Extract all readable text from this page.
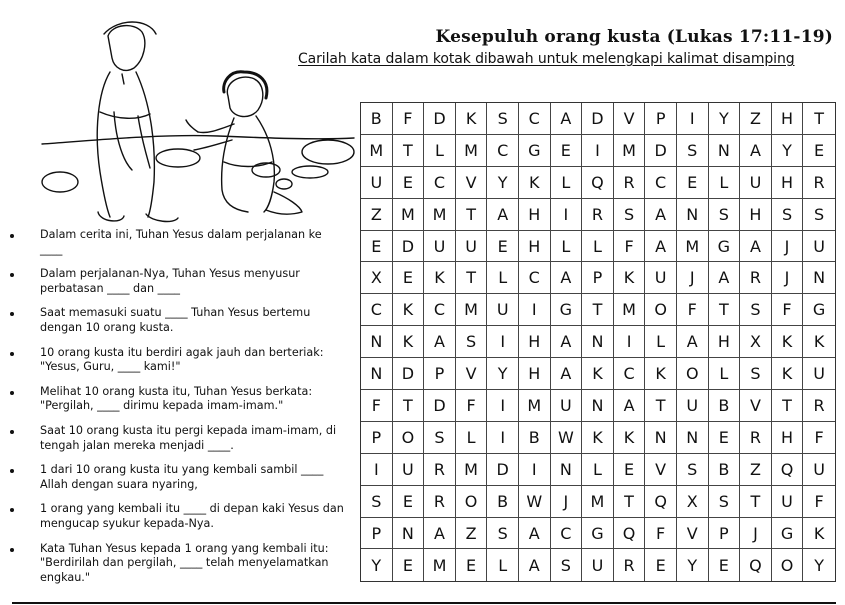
Kesepuluh orang kusta (Lukas 17:11-19)
Carilah kata dalam kotak dibawah untuk melengkapi kalimat disamping
Dalam cerita ini, Tuhan Yesus dalam perjalanan ke ____
Dalam perjalanan-Nya, Tuhan Yesus menyusur perbatasan ____ dan ____
Saat memasuki suatu ____ Tuhan Yesus bertemu dengan 10 orang kusta.
10 orang kusta itu berdiri agak jauh dan berteriak: "Yesus, Guru, ____ kami!"
Melihat 10 orang kusta itu, Tuhan Yesus berkata: "Pergilah, ____ dirimu kepada imam-imam."
Saat 10 orang kusta itu pergi kepada imam-imam, di tengah jalan mereka menjadi ____.
1 dari 10 orang kusta itu yang kembali sambil ____ Allah dengan suara nyaring,
1 orang yang kembali itu ____ di depan kaki Yesus dan mengucap syukur kepada-Nya.
Kata Tuhan Yesus kepada 1 orang yang kembali itu: "Berdirilah dan pergilah, ____ telah menyelamatkan engkau."
B	F	D	K	S	C	A	D	V	P	I	Y	Z	H	T
M	T	L	M	C	G	E	I	M	D	S	N	A	Y	E
U	E	C	V	Y	K	L	Q	R	C	E	L	U	H	R
Z	M	M	T	A	H	I	R	S	A	N	S	H	S	S
E	D	U	U	E	H	L	L	F	A	M	G	A	J	U
X	E	K	T	L	C	A	P	K	U	J	A	R	J	N
C	K	C	M	U	I	G	T	M	O	F	T	S	F	G
N	K	A	S	I	H	A	N	I	L	A	H	X	K	K
N	D	P	V	Y	H	A	K	C	K	O	L	S	K	U
F	T	D	F	I	M	U	N	A	T	U	B	V	T	R
P	O	S	L	I	B	W	K	K	N	N	E	R	H	F
I	U	R	M	D	I	N	L	E	V	S	B	Z	Q	U
S	E	R	O	B	W	J	M	T	Q	X	S	T	U	F
P	N	A	Z	S	A	C	G	Q	F	V	P	J	G	K
Y	E	M	E	L	A	S	U	R	E	Y	E	Q	O	Y
